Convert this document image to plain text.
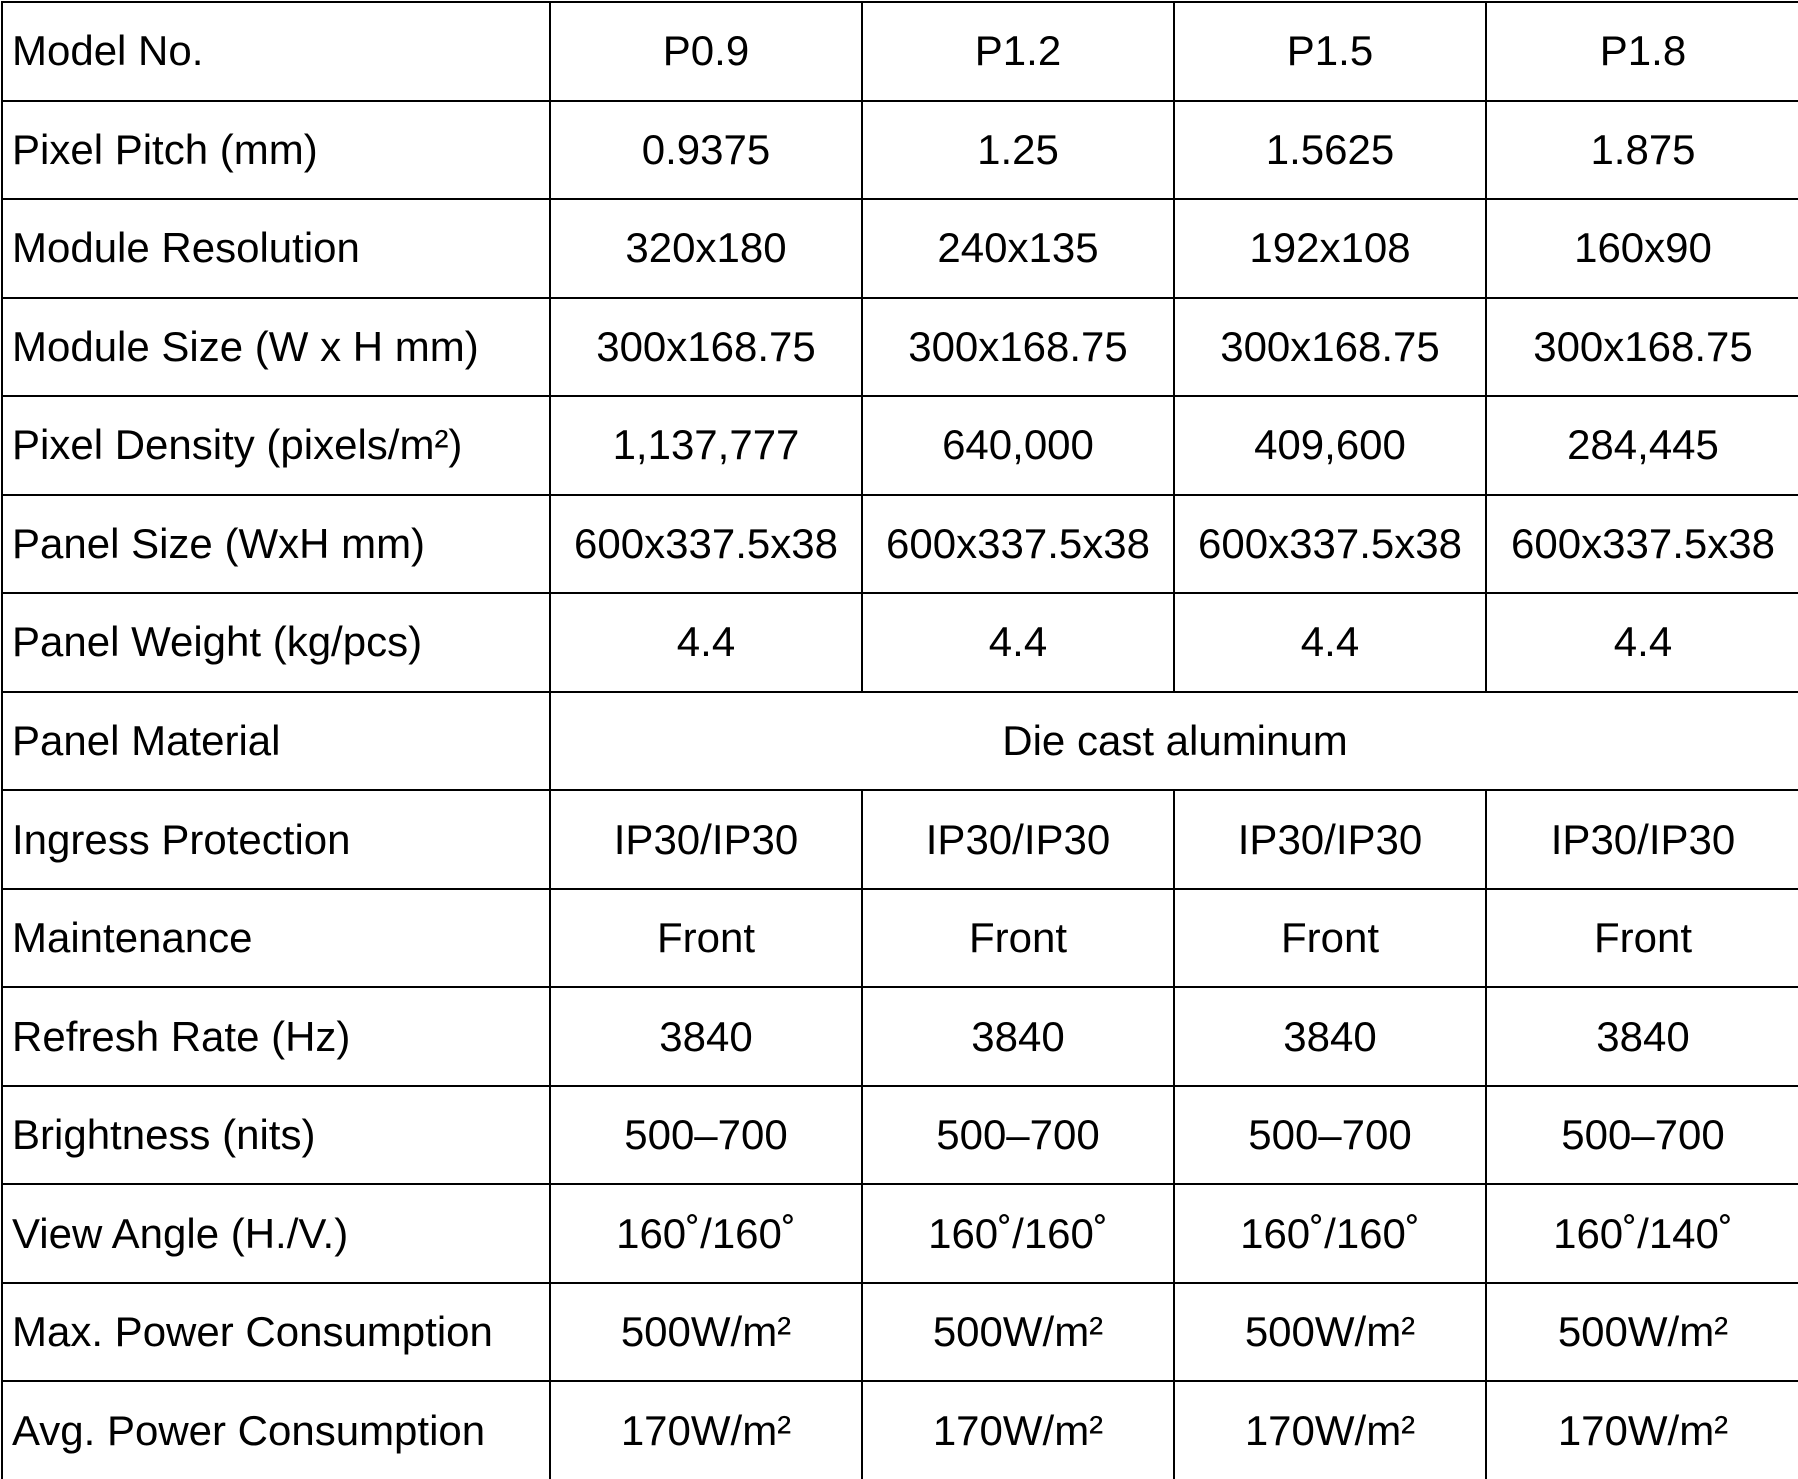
Model No.	P0.9	P1.2	P1.5	P1.8
Pixel Pitch (mm)	0.9375	1.25	1.5625	1.875
Module Resolution	320x180	240x135	192x108	160x90
Module Size (W x H mm)	300x168.75	300x168.75	300x168.75	300x168.75
Pixel Density (pixels/m²)	1,137,777	640,000	409,600	284,445
Panel Size (WxH mm)	600x337.5x38	600x337.5x38	600x337.5x38	600x337.5x38
Panel Weight (kg/pcs)	4.4	4.4	4.4	4.4
Panel Material	Die cast aluminum			
Ingress Protection	IP30/IP30	IP30/IP30	IP30/IP30	IP30/IP30
Maintenance	Front	Front	Front	Front
Refresh Rate (Hz)	3840	3840	3840	3840
Brightness (nits)	500–700	500–700	500–700	500–700
View Angle (H./V.)	160˚/160˚	160˚/160˚	160˚/160˚	160˚/140˚
Max. Power Consumption	500W/m²	500W/m²	500W/m²	500W/m²
Avg. Power Consumption	170W/m²	170W/m²	170W/m²	170W/m²
